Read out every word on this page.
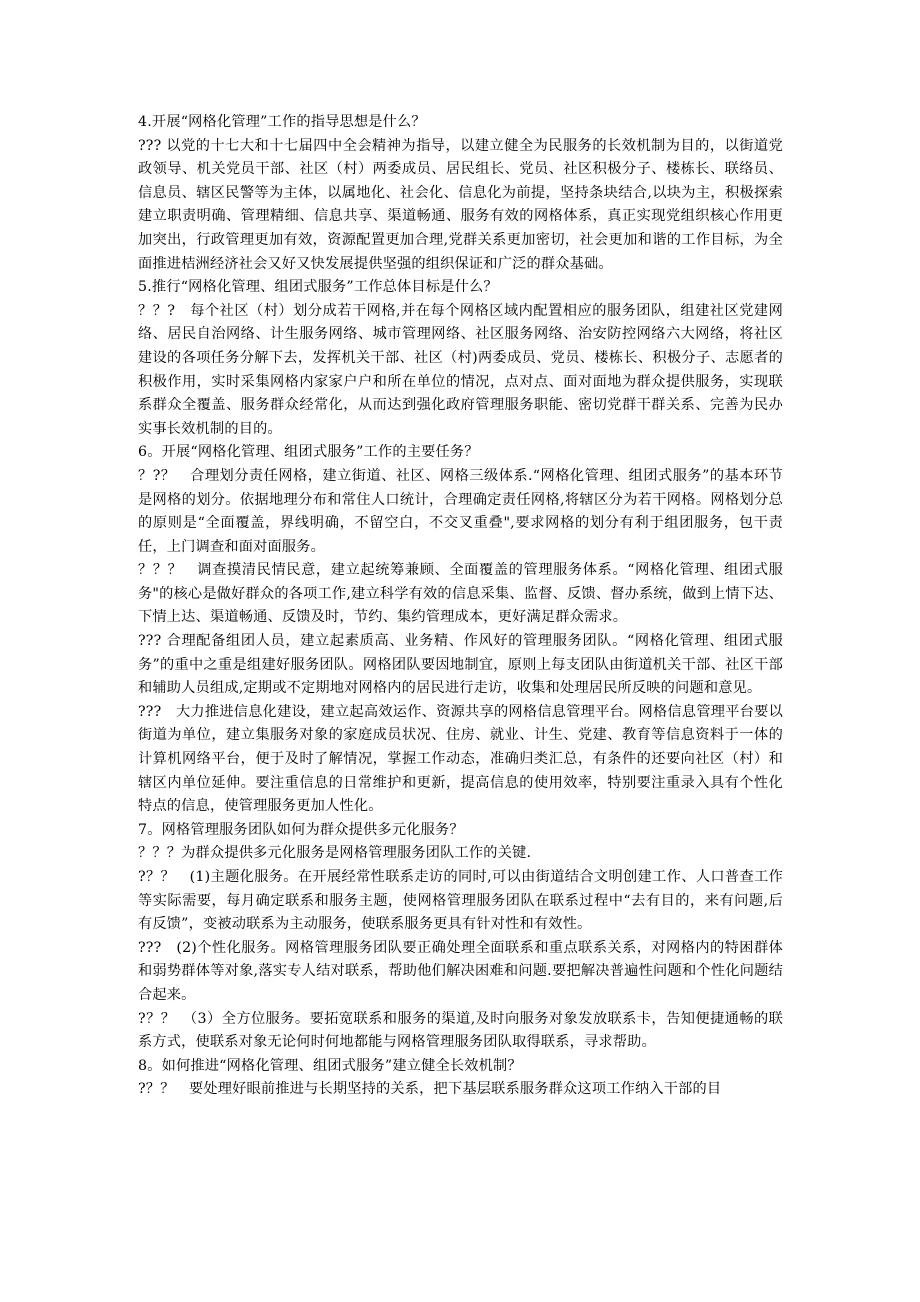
4.开展“网格化管理”工作的指导思想是什么？

??? 以党的十七大和十七届四中全会精神为指导，以建立健全为民服务的长效机制为目的，以街道党政领导、机关党员干部、社区（村）两委成员、居民组长、党员、社区积极分子、楼栋长、联络员、信息员、辖区民警等为主体，以属地化、社会化、信息化为前提，坚持条块结合,以块为主，积极探索建立职责明确、管理精细、信息共享、渠道畅通、服务有效的网格体系，真正实现党组织核心作用更加突出，行政管理更加有效，资源配置更加合理,党群关系更加密切，社会更加和谐的工作目标，为全面推进桔洲经济社会又好又快发展提供坚强的组织保证和广泛的群众基础。

5.推行“网格化管理、组团式服务”工作总体目标是什么？

？？?　每个社区（村）划分成若干网格,并在每个网格区域内配置相应的服务团队，组建社区党建网络、居民自治网络、计生服务网络、城市管理网络、社区服务网络、治安防控网络六大网络，将社区建设的各项任务分解下去，发挥机关干部、社区（村)两委成员、党员、楼栋长、积极分子、志愿者的积极作用，实时采集网格内家家户户和所在单位的情况，点对点、面对面地为群众提供服务，实现联系群众全覆盖、服务群众经常化，从而达到强化政府管理服务职能、密切党群干群关系、完善为民办实事长效机制的目的。

6。开展“网格化管理、组团式服务”工作的主要任务？

？?？　合理划分责任网格，建立街道、社区、网格三级体系.“网格化管理、组团式服务”的基本环节是网格的划分。依据地理分布和常住人口统计，合理确定责任网格,将辖区分为若干网格。网格划分总的原则是“全面覆盖，界线明确，不留空白，不交叉重叠",要求网格的划分有利于组团服务，包干责任，上门调查和面对面服务。

？？？　调查摸清民情民意，建立起统筹兼顾、全面覆盖的管理服务体系。“网格化管理、组团式服务"的核心是做好群众的各项工作,建立科学有效的信息采集、监督、反馈、督办系统，做到上情下达、下情上达、渠道畅通、反馈及时，节约、集约管理成本，更好满足群众需求。

??? 合理配备组团人员，建立起素质高、业务精、作风好的管理服务团队。“网格化管理、组团式服务”的重中之重是组建好服务团队。网格团队要因地制宜，原则上每支团队由街道机关干部、社区干部和辅助人员组成,定期或不定期地对网格内的居民进行走访，收集和处理居民所反映的问题和意见。

???　大力推进信息化建设，建立起高效运作、资源共享的网格信息管理平台。网格信息管理平台要以街道为单位，建立集服务对象的家庭成员状况、住房、就业、计生、党建、教育等信息资料于一体的计算机网络平台，便于及时了解情况，掌握工作动态，准确归类汇总，有条件的还要向社区（村）和辖区内单位延伸。要注重信息的日常维护和更新，提高信息的使用效率，特别要注重录入具有个性化特点的信息，使管理服务更加人性化。

7。网格管理服务团队如何为群众提供多元化服务？

？？？为群众提供多元化服务是网格管理服务团队工作的关键.

?？？　(1)主题化服务。在开展经常性联系走访的同时,可以由街道结合文明创建工作、人口普查工作等实际需要，每月确定联系和服务主题，使网格管理服务团队在联系过程中“去有目的，来有问题,后有反馈”，变被动联系为主动服务，使联系服务更具有针对性和有效性。

???　(2)个性化服务。网格管理服务团队要正确处理全面联系和重点联系关系，对网格内的特困群体和弱势群体等对象,落实专人结对联系，帮助他们解决困难和问题.要把解决普遍性问题和个性化问题结合起来。

?？？　（3）全方位服务。要拓宽联系和服务的渠道,及时向服务对象发放联系卡，告知便捷通畅的联系方式，使联系对象无论何时何地都能与网格管理服务团队取得联系，寻求帮助。

8。如何推进“网格化管理、组团式服务”建立健全长效机制？

?？？　要处理好眼前推进与长期坚持的关系，把下基层联系服务群众这项工作纳入干部的目
